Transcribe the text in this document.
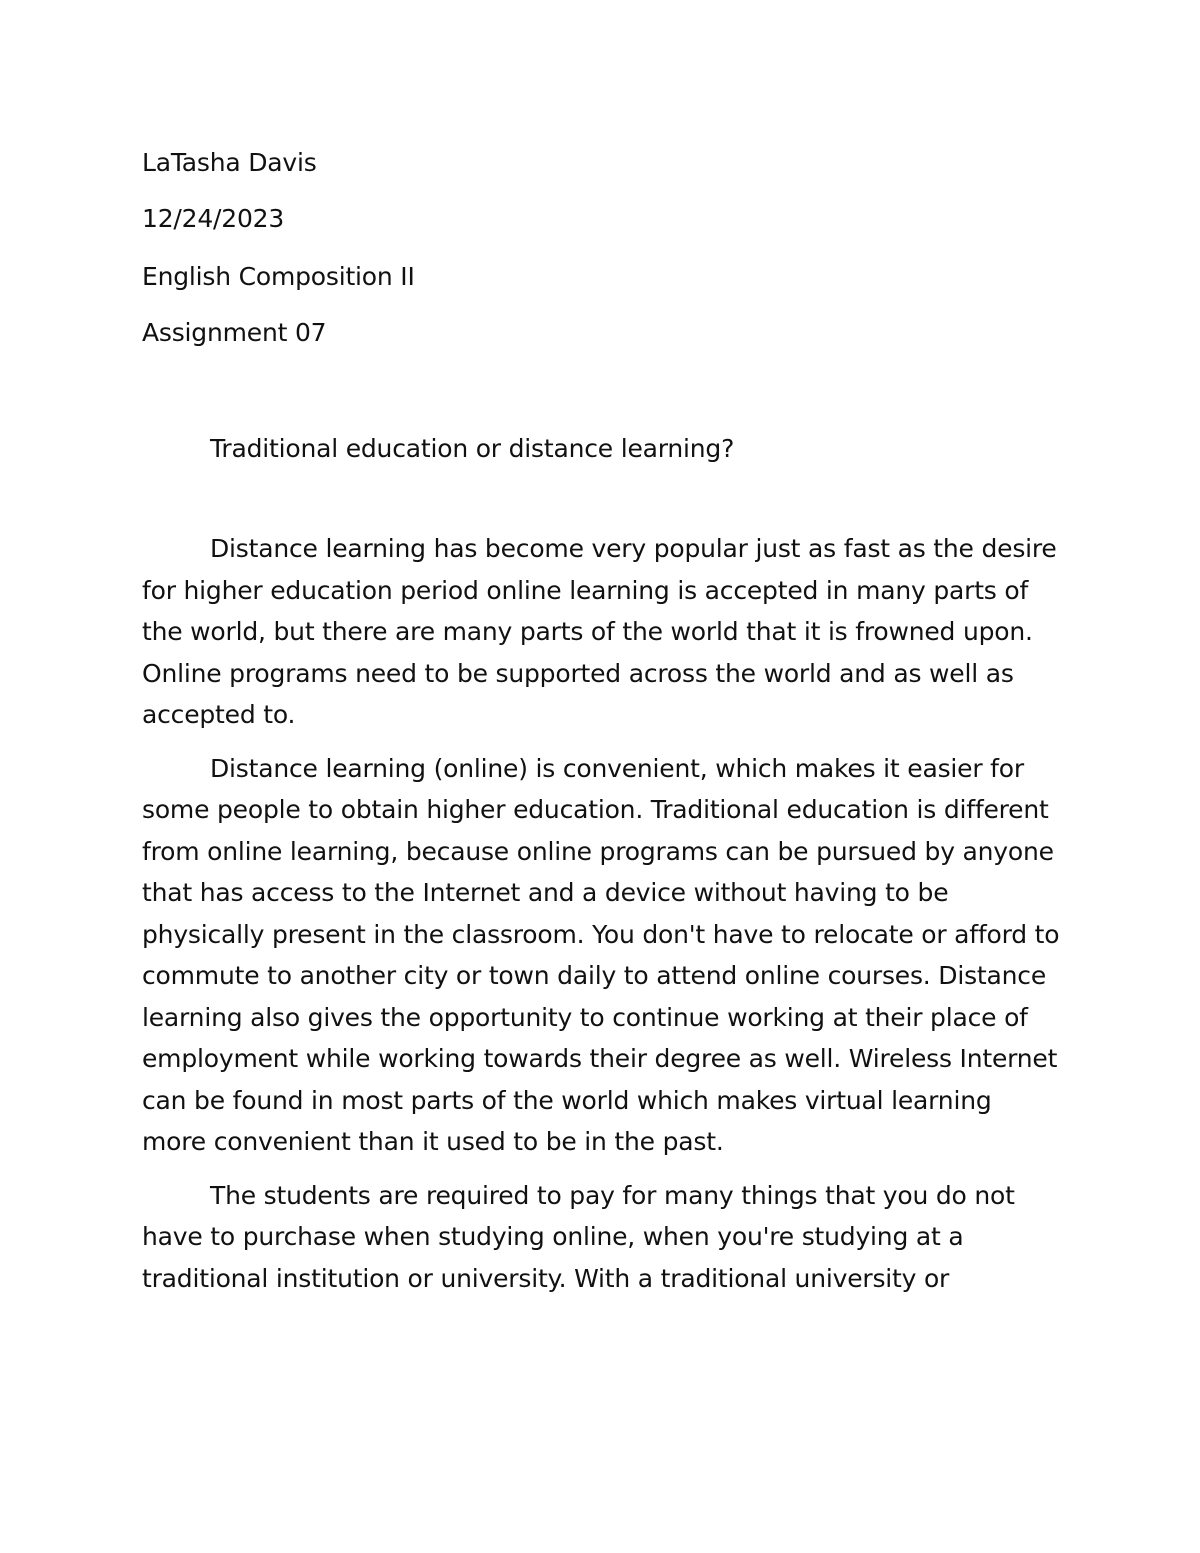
LaTasha Davis
12/24/2023
English Composition II
Assignment 07
Traditional education or distance learning?

Distance learning has become very popular just as fast as the desire for higher education period online learning is accepted in many parts of the world, but there are many parts of the world that it is frowned upon. Online programs need to be supported across the world and as well as accepted to.

Distance learning (online) is convenient, which makes it easier for some people to obtain higher education. Traditional education is different from online learning, because online programs can be pursued by anyone that has access to the Internet and a device without having to be physically present in the classroom. You don't have to relocate or afford to commute to another city or town daily to attend online courses. Distance learning also gives the opportunity to continue working at their place of employment while working towards their degree as well. Wireless Internet can be found in most parts of the world which makes virtual learning more convenient than it used to be in the past.

The students are required to pay for many things that you do not have to purchase when studying online, when you're studying at a traditional institution or university. With a traditional university or
